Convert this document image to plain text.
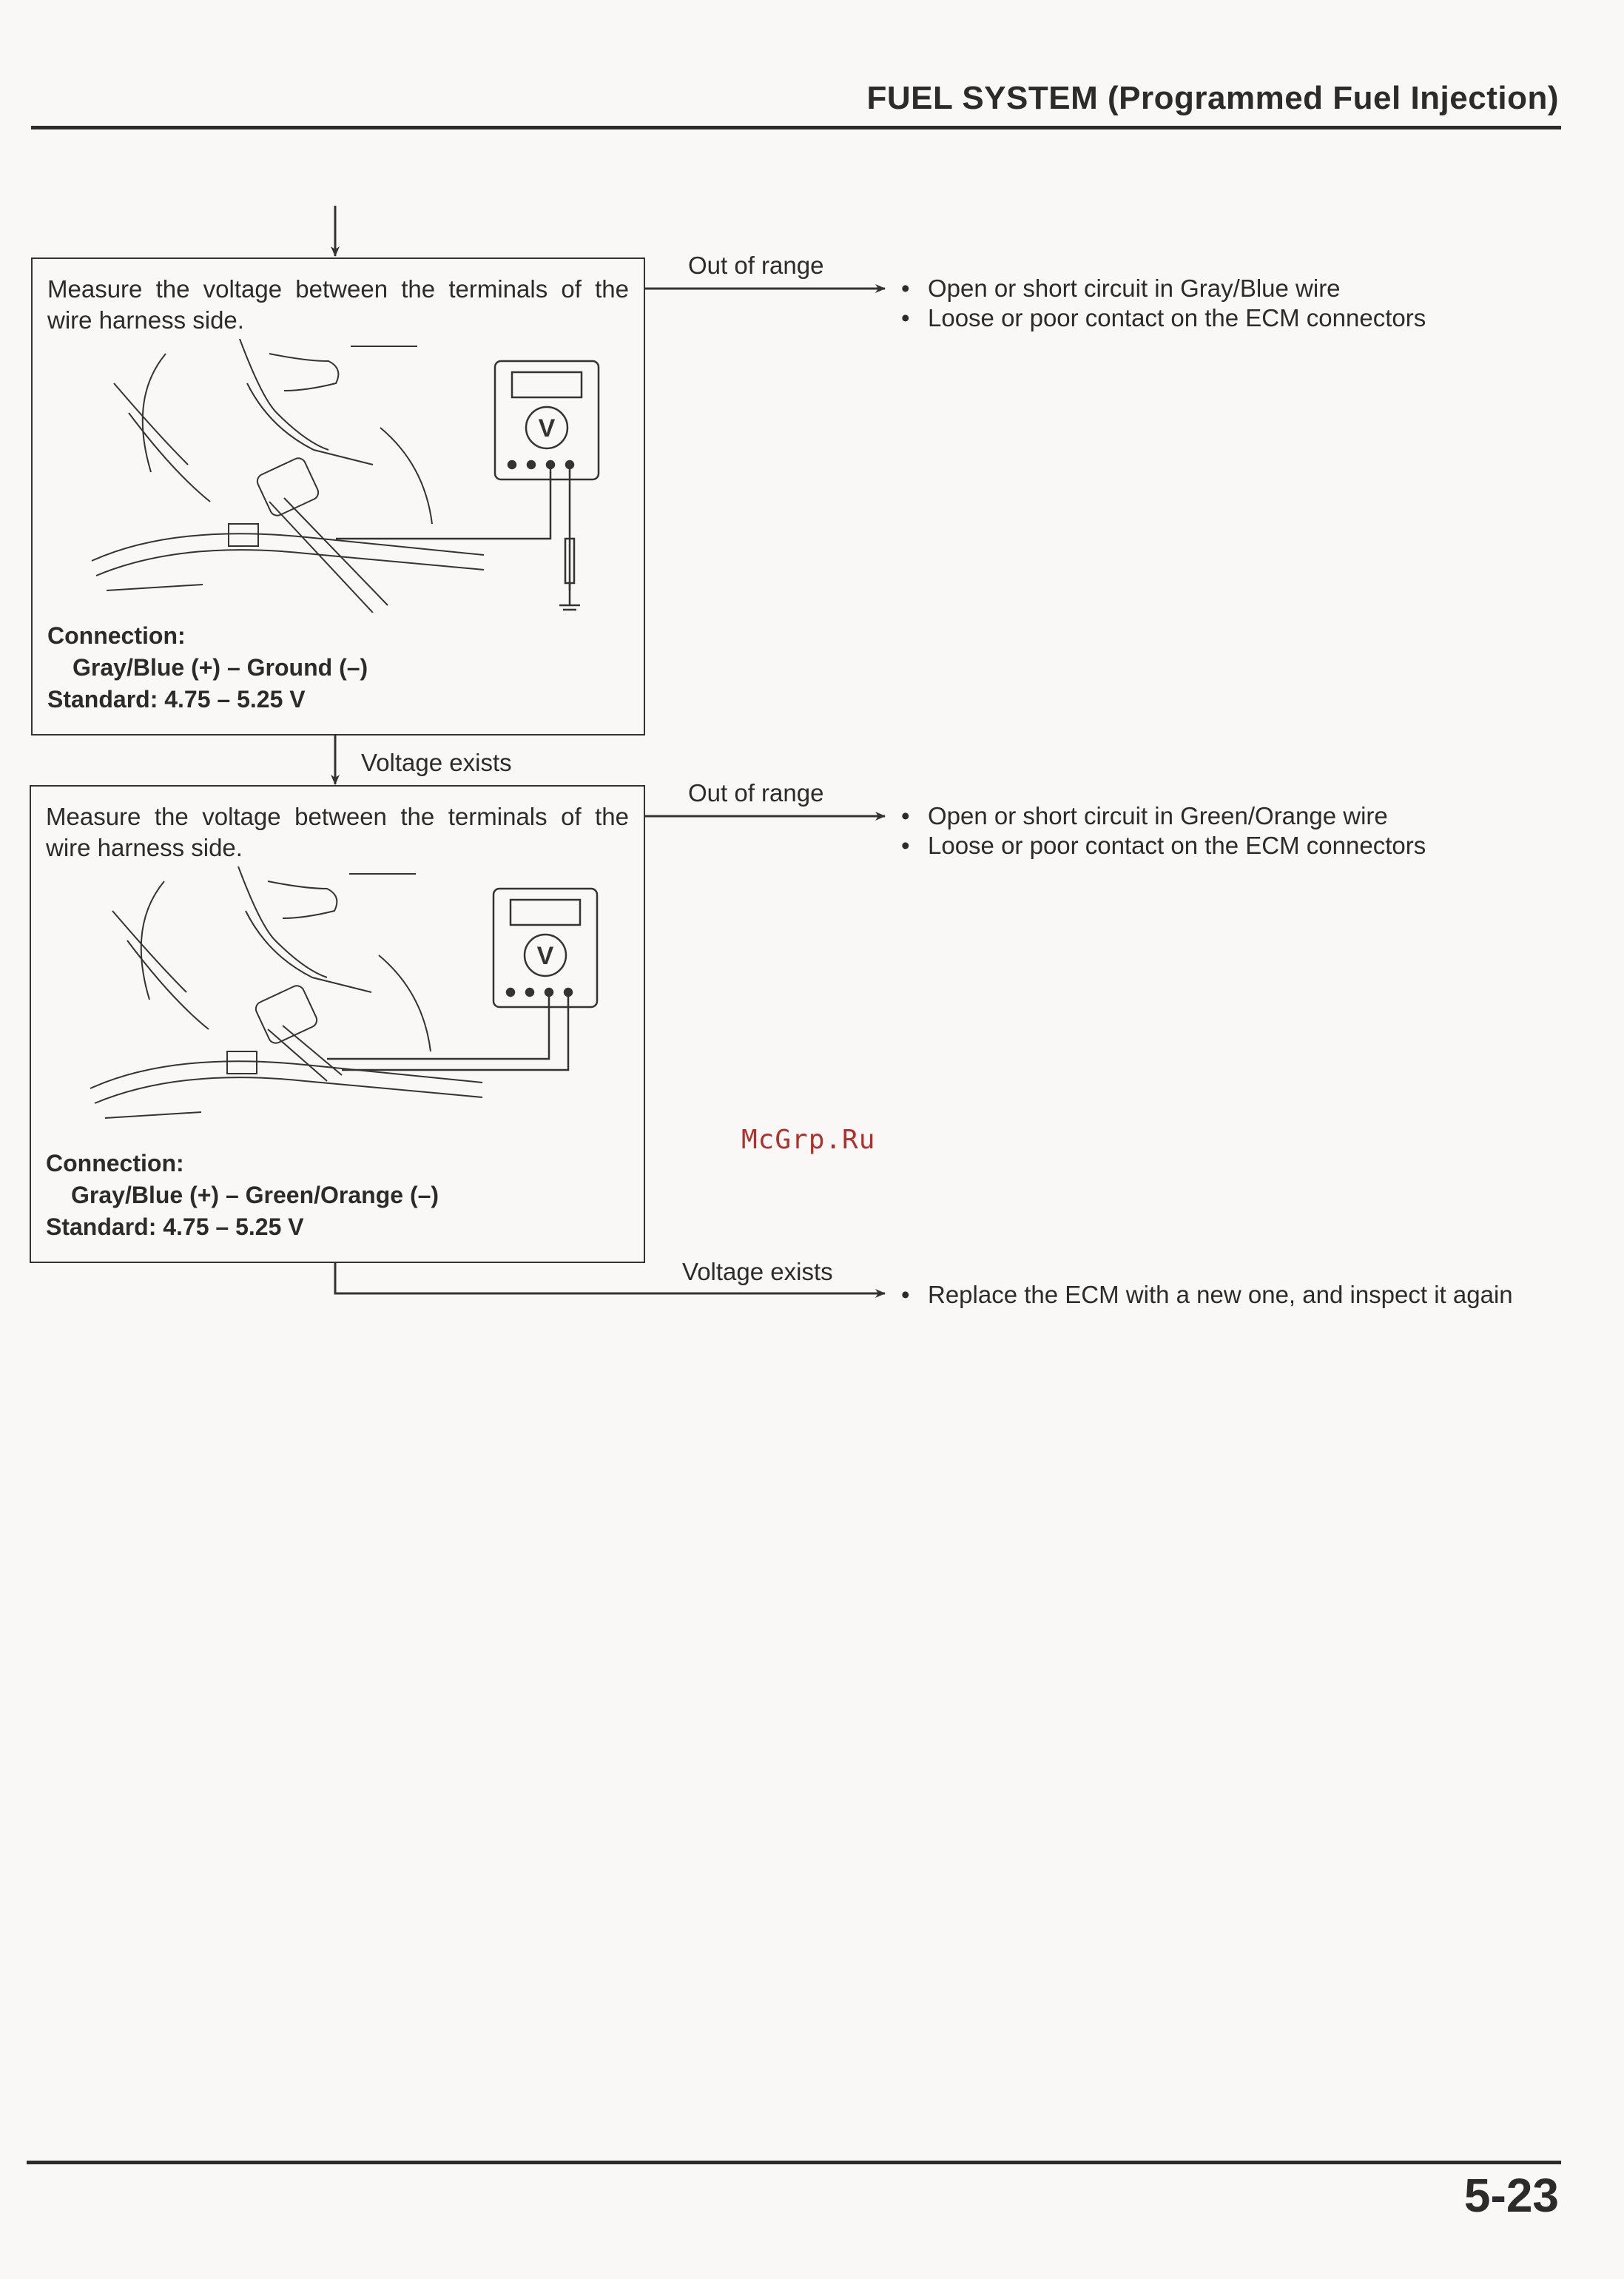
FUEL SYSTEM (Programmed Fuel Injection)
Measure the voltage between the terminals of the wire harness side.
V
Connection:
Gray/Blue (+) – Ground (–)
Standard: 4.75 – 5.25 V
Out of range
• Open or short circuit in Gray/Blue wire
• Loose or poor contact on the ECM connectors
Voltage exists
Measure the voltage between the terminals of the wire harness side.
V
Connection:
Gray/Blue (+) – Green/Orange (–)
Standard: 4.75 – 5.25 V
Out of range
• Open or short circuit in Green/Orange wire
• Loose or poor contact on the ECM connectors
Voltage exists
• Replace the ECM with a new one, and inspect it again
McGrp.Ru
5-23
